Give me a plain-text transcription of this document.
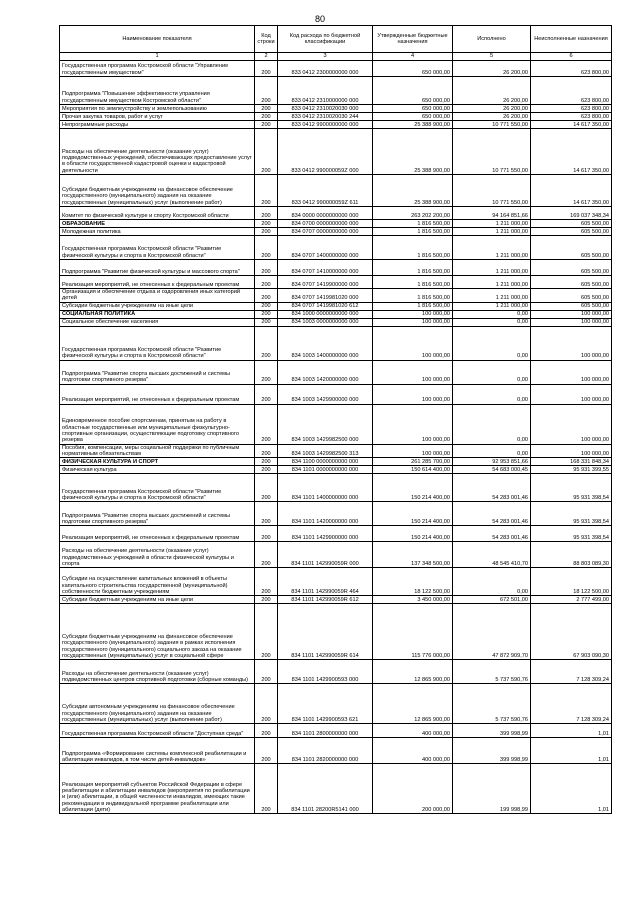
80
Наименование показателя	Код строки	Код расхода по бюджетной классификации	Утвержденные бюджетные назначения	Исполнено	Неисполненные назначения
1	2	3	4	5	6
Государственная программа Костромской области "Управление государственным имуществом"	200	833 0412 2300000000 000	650 000,00	26 200,00	623 800,00
Подпрограмма "Повышение эффективности управления государственным имуществом Костромской области"	200	833 0412 2310000000 000	650 000,00	26 200,00	623 800,00
Мероприятия по землеустройству и землепользованию	200	833 0412 2310020030 000	650 000,00	26 200,00	623 800,00
Прочая закупка товаров, работ и услуг	200	833 0412 2310020030 244	650 000,00	26 200,00	623 800,00
Непрограммные расходы	200	833 0412 9900000000 000	25 388 900,00	10 771 550,00	14 617 350,00
Расходы на обеспечение деятельности (оказание услуг) подведомственных учреждений, обеспечивающих предоставление услуг в области государственной кадастровой оценки и кадастровой деятельности	200	833 0412 990000059Z 000	25 388 900,00	10 771 550,00	14 617 350,00
Субсидии бюджетным учреждениям на финансовое обеспечение государственного (муниципального) задания на оказание государственных (муниципальных) услуг (выполнение работ)	200	833 0412 990000059Z 611	25 388 900,00	10 771 550,00	14 617 350,00
Комитет по физической культуре и спорту Костромской области	200	834 0000 0000000000 000	263 202 200,00	94 164 851,66	169 037 348,34
ОБРАЗОВАНИЕ	200	834 0700 0000000000 000	1 816 500,00	1 211 000,00	605 500,00
Молодежная политика	200	834 0707 0000000000 000	1 816 500,00	1 211 000,00	605 500,00
Государственная программа Костромской области "Развитие физической культуры и спорта в Костромской области"	200	834 0707 1400000000 000	1 816 500,00	1 211 000,00	605 500,00
Подпрограмма "Развитие физической культуры и массового спорта"	200	834 0707 1410000000 000	1 816 500,00	1 211 000,00	605 500,00
Реализация мероприятий, не отнесенных к федеральным проектам	200	834 0707 1419900000 000	1 816 500,00	1 211 000,00	605 500,00
Организация и обеспечение отдыха и оздоровления иных категорий детей	200	834 0707 1419981020 000	1 816 500,00	1 211 000,00	605 500,00
Субсидии бюджетным учреждениям на иные цели	200	834 0707 1419981020 612	1 816 500,00	1 211 000,00	605 500,00
СОЦИАЛЬНАЯ ПОЛИТИКА	200	834 1000 0000000000 000	100 000,00	0,00	100 000,00
Социальное обеспечение населения	200	834 1003 0000000000 000	100 000,00	0,00	100 000,00
Государственная программа Костромской области "Развитие физической культуры и спорта в Костромской области"	200	834 1003 1400000000 000	100 000,00	0,00	100 000,00
Подпрограмма "Развитие спорта высших достижений и системы подготовки спортивного резерва"	200	834 1003 1420000000 000	100 000,00	0,00	100 000,00
Реализация мероприятий, не отнесенных к федеральным проектам	200	834 1003 1429900000 000	100 000,00	0,00	100 000,00
Единовременное пособие спортсменам, принятым на работу в областные государственные или муниципальные физкультурно-спортивные организации, осуществляющие подготовку спортивного резерва	200	834 1003 1429982500 000	100 000,00	0,00	100 000,00
Пособия, компенсации, меры социальной поддержки по публичным нормативным обязательствам	200	834 1003 1429982500 313	100 000,00	0,00	100 000,00
ФИЗИЧЕСКАЯ КУЛЬТУРА И СПОРТ	200	834 1100 0000000000 000	261 285 700,00	92 953 851,66	168 331 848,34
Физическая культура	200	834 1101 0000000000 000	150 614 400,00	54 683 000,45	95 931 399,55
Государственная программа Костромской области "Развитие физической культуры и спорта в Костромской области"	200	834 1101 1400000000 000	150 214 400,00	54 283 001,46	95 931 398,54
Подпрограмма "Развитие спорта высших достижений и системы подготовки спортивного резерва"	200	834 1101 1420000000 000	150 214 400,00	54 283 001,46	95 931 398,54
Реализация мероприятий, не отнесенных к федеральным проектам	200	834 1101 1429900000 000	150 214 400,00	54 283 001,46	95 931 398,54
Расходы на обеспечение деятельности (оказание услуг) подведомственных учреждений в области физической культуры и спорта	200	834 1101 142990059R 000	137 348 500,00	48 545 410,70	88 803 089,30
Субсидии на осуществление капитальных вложений в объекты капитального строительства государственной (муниципальной) собственности бюджетным учреждениям	200	834 1101 142990059R 464	18 122 500,00	0,00	18 122 500,00
Субсидии бюджетным учреждениям на иные цели	200	834 1101 142990059R 612	3 450 000,00	672 501,00	2 777 499,00
Субсидии бюджетным учреждениям на финансовое обеспечение государственного (муниципального) задания в рамках исполнения государственного (муниципального) социального заказа на оказание государственных (муниципальных) услуг в социальной сфере	200	834 1101 142990059R 614	115 776 000,00	47 872 909,70	67 903 090,30
Расходы на обеспечение деятельности (оказание услуг) подведомственных центров спортивной подготовки (сборные команды)	200	834 1101 142990059З 000	12 865 900,00	5 737 590,76	7 128 309,24
Субсидии автономным учреждениям на финансовое обеспечение государственного (муниципального) задания на оказание государственных (муниципальных) услуг (выполнение работ)	200	834 1101 142990059З 621	12 865 900,00	5 737 590,76	7 128 309,24
Государственная программа Костромской области "Доступная среда"	200	834 1101 2800000000 000	400 000,00	399 998,99	1,01
Подпрограмма «Формирование системы комплексной реабилитации и абилитации инвалидов, в том числе детей-инвалидов»	200	834 1101 2820000000 000	400 000,00	399 998,99	1,01
Реализация мероприятий субъектов Российской Федерации в сфере реабилитации и абилитации инвалидов (мероприятия по реабилитации и (или) абилитации, в общей численности инвалидов, имеющих такие рекомендации в индивидуальной программе реабилитации или абилитации (дети)	200	834 1101 28200R5141 000	200 000,00	199 998,99	1,01
